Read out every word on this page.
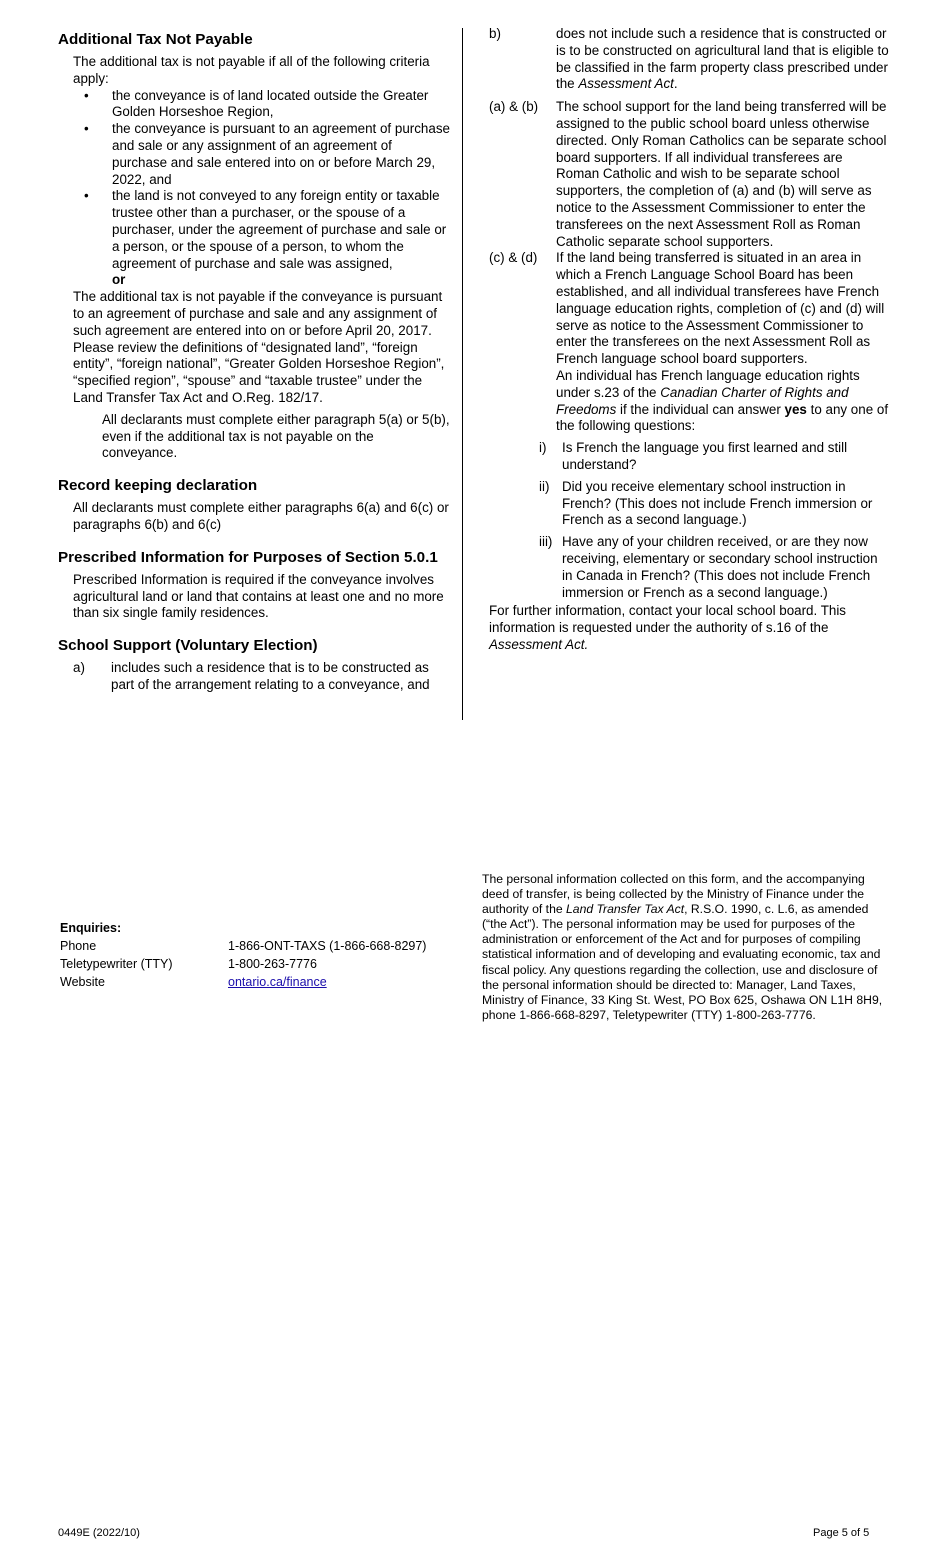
Additional Tax Not Payable

The additional tax is not payable if all of the following criteria apply:

• the conveyance is of land located outside the Greater Golden Horseshoe Region,
• the conveyance is pursuant to an agreement of purchase and sale or any assignment of an agreement of purchase and sale entered into on or before March 29, 2022, and
• the land is not conveyed to any foreign entity or taxable trustee other than a purchaser, or the spouse of a purchaser, under the agreement of purchase and sale or a person, or the spouse of a person, to whom the agreement of purchase and sale was assigned,
or

The additional tax is not payable if the conveyance is pursuant to an agreement of purchase and sale and any assignment of such agreement are entered into on or before April 20, 2017. Please review the definitions of “designated land”, “foreign entity”, “foreign national”, “Greater Golden Horseshoe Region”, “specified region”, “spouse” and “taxable trustee” under the Land Transfer Tax Act and O.Reg. 182/17.

All declarants must complete either paragraph 5(a) or 5(b), even if the additional tax is not payable on the conveyance.

Record keeping declaration

All declarants must complete either paragraphs 6(a) and 6(c) or paragraphs 6(b) and 6(c)

Prescribed Information for Purposes of Section 5.0.1

Prescribed Information is required if the conveyance involves agricultural land or land that contains at least one and no more than six single family residences.

School Support (Voluntary Election)
a) includes such a residence that is to be constructed as part of the arrangement relating to a conveyance, and
b)	does not include such a residence that is constructed or is to be constructed on agricultural land that is eligible to be classified in the farm property class prescribed under the Assessment Act.
(a) & (b) The school support for the land being transferred will be assigned to the public school board unless otherwise directed. Only Roman Catholics can be separate school board supporters. If all individual transferees are Roman Catholic and wish to be separate school supporters, the completion of (a) and (b) will serve as notice to the Assessment Commissioner to enter the transferees on the next Assessment Roll as Roman Catholic separate school supporters.
(c) & (d) If the land being transferred is situated in an area in which a French Language School Board has been established, and all individual transferees have French language education rights, completion of (c) and (d) will serve as notice to the Assessment Commissioner to enter the transferees on the next Assessment Roll as French language school board supporters.
An individual has French language education rights under s.23 of the Canadian Charter of Rights and Freedoms if the individual can answer yes to any one of the following questions:
i) Is French the language you first learned and still understand?
ii) Did you receive elementary school instruction in French? (This does not include French immersion or French as a second language.)
iii) Have any of your children received, or are they now receiving, elementary or secondary school instruction in Canada in French? (This does not include French immersion or French as a second language.)

For further information, contact your local school board. This information is requested under the authority of s.16 of the Assessment Act.

Enquiries:
Phone	1-866-ONT-TAXS (1-866-668-8297)
Teletypewriter (TTY)	1-800-263-7776
Website	ontario.ca/finance

The personal information collected on this form, and the accompanying deed of transfer, is being collected by the Ministry of Finance under the authority of the Land Transfer Tax Act, R.S.O. 1990, c. L.6, as amended (“the Act”). The personal information may be used for purposes of the administration or enforcement of the Act and for purposes of compiling statistical information and of developing and evaluating economic, tax and fiscal policy. Any questions regarding the collection, use and disclosure of the personal information should be directed to: Manager, Land Taxes, Ministry of Finance, 33 King St. West, PO Box 625, Oshawa ON L1H 8H9, phone 1-866-668-8297, Teletypewriter (TTY) 1-800-263-7776.

0449E (2022/10)	Page 5 of 5
